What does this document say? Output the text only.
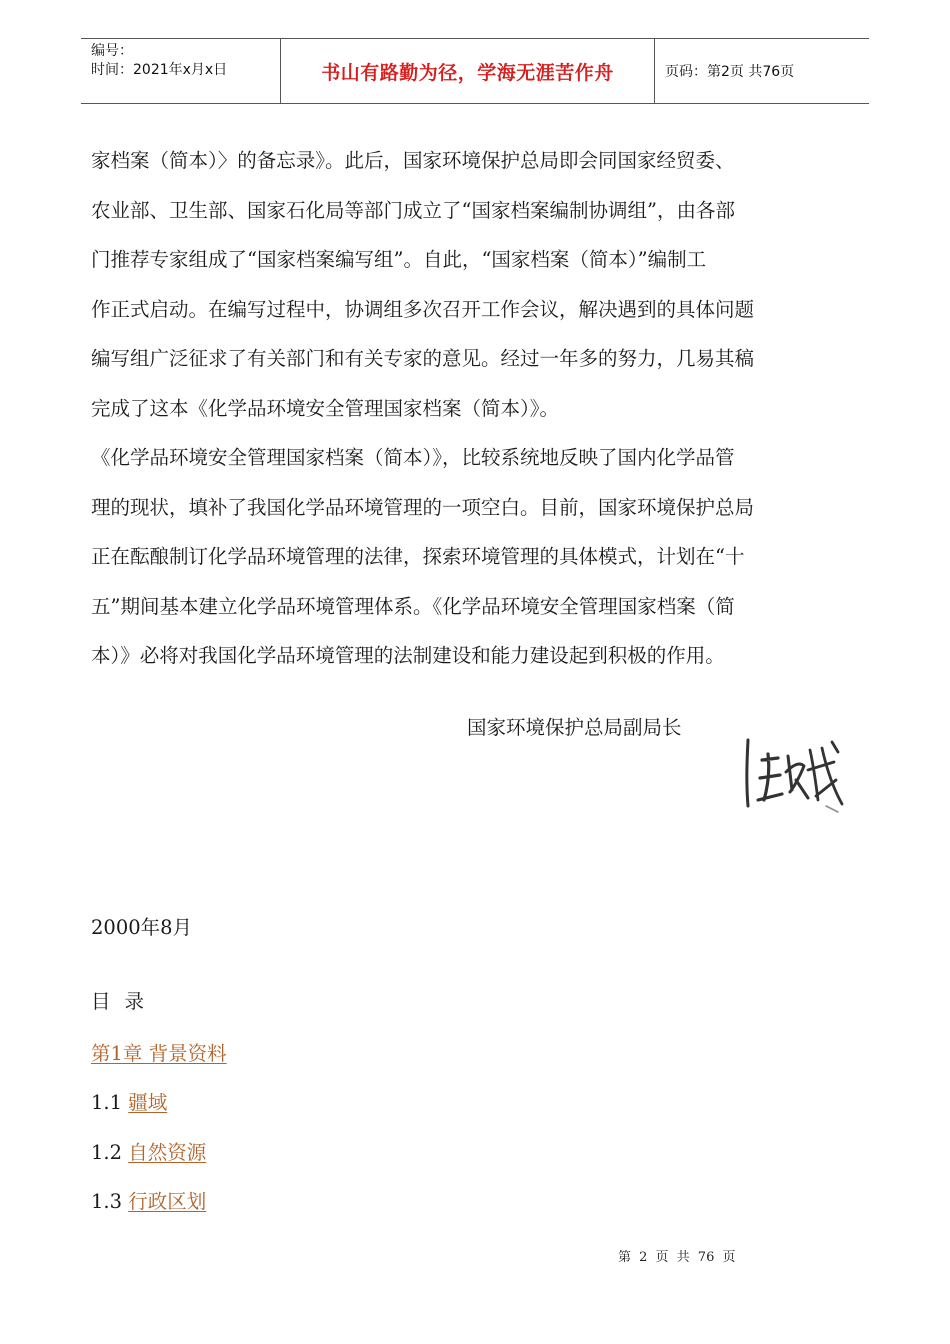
编号：
时间：2021年x月x日	书山有路勤为径，学海无涯苦作舟	页码：第2页 共76页

家档案（简本）〉的备忘录》。此后，国家环境保护总局即会同国家经贸委、

农业部、卫生部、国家石化局等部门成立了“国家档案编制协调组”，由各部

门推荐专家组成了“国家档案编写组”。自此，“国家档案（简本）”编制工

作正式启动。在编写过程中，协调组多次召开工作会议，解决遇到的具体问题

编写组广泛征求了有关部门和有关专家的意见。经过一年多的努力，几易其稿

完成了这本《化学品环境安全管理国家档案（简本）》。

《化学品环境安全管理国家档案（简本）》，比较系统地反映了国内化学品管

理的现状，填补了我国化学品环境管理的一项空白。目前，国家环境保护总局

正在酝酿制订化学品环境管理的法律，探索环境管理的具体模式，计划在“十

五”期间基本建立化学品环境管理体系。《化学品环境安全管理国家档案（简

本）》必将对我国化学品环境管理的法制建设和能力建设起到积极的作用。

国家环境保护总局副局长
2000年8月
目 录
第1章 背景资料
1.1 疆域
1.2 自然资源
1.3 行政区划
第 2 页 共 76 页
